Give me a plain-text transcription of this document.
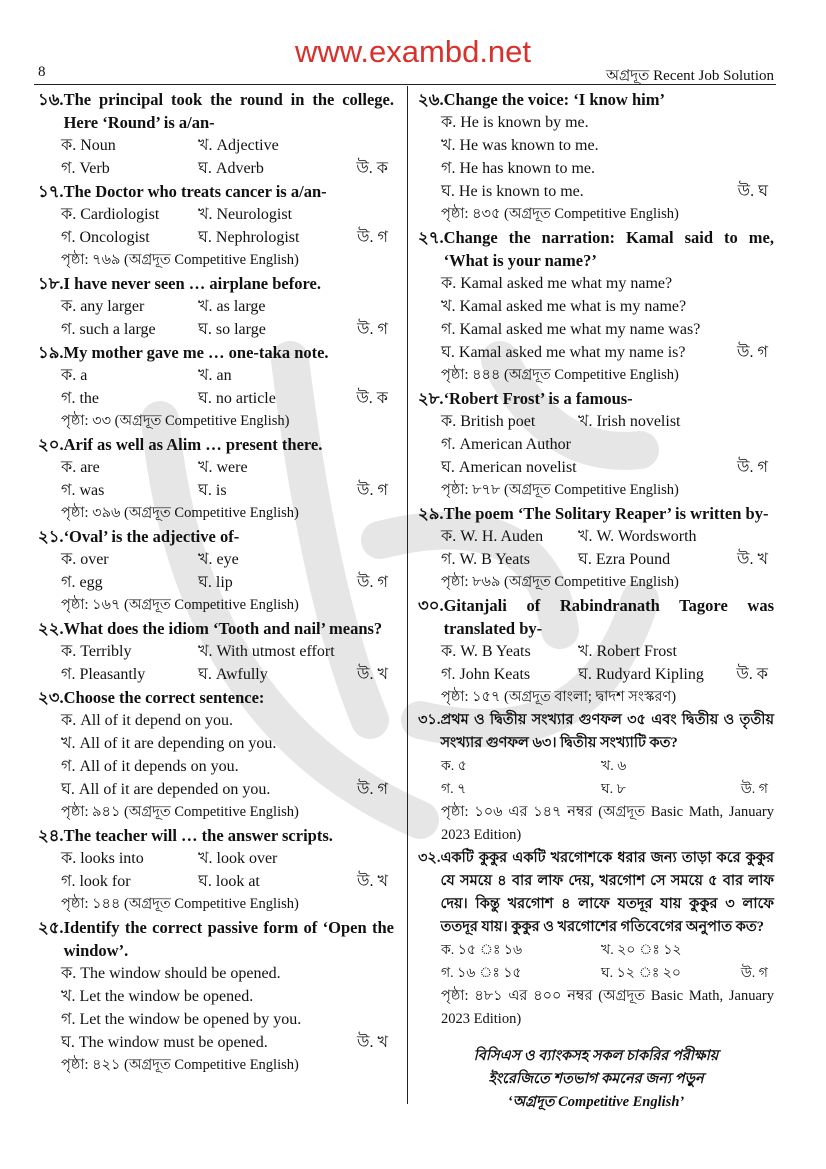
www.exambd.net
8	অগ্রদূত Recent Job Solution
১৬. The principal took the round in the college. Here ‘Round’ is a/an-
ক. Noun	খ. Adjective
গ. Verb	ঘ. Adverb	উ. ক
১৭. The Doctor who treats cancer is a/an-
ক. Cardiologist	খ. Neurologist
গ. Oncologist	ঘ. Nephrologist	উ. গ
পৃষ্ঠা: ৭৬৯ (অগ্রদূত Competitive English)
১৮. I have never seen … airplane before.
ক. any larger	খ. as large
গ. such a large	ঘ. so large	উ. গ
১৯. My mother gave me … one-taka note.
ক. a	খ. an
গ. the	ঘ. no article	উ. ক
পৃষ্ঠা: ৩৩ (অগ্রদূত Competitive English)
২০. Arif as well as Alim … present there.
ক. are	খ. were
গ. was	ঘ. is	উ. গ
পৃষ্ঠা: ৩৯৬ (অগ্রদূত Competitive English)
২১. ‘Oval’ is the adjective of-
ক. over	খ. eye
গ. egg	ঘ. lip	উ. গ
পৃষ্ঠা: ১৬৭ (অগ্রদূত Competitive English)
২২. What does the idiom ‘Tooth and nail’ means?
ক. Terribly	খ. With utmost effort
গ. Pleasantly	ঘ. Awfully	উ. খ
২৩. Choose the correct sentence:
ক. All of it depend on you.
খ. All of it are depending on you.
গ. All of it depends on you.
ঘ. All of it are depended on you.	উ. গ
পৃষ্ঠা: ৯৪১ (অগ্রদূত Competitive English)
২৪. The teacher will … the answer scripts.
ক. looks into	খ. look over
গ. look for	ঘ. look at	উ. খ
পৃষ্ঠা: ১৪৪ (অগ্রদূত Competitive English)
২৫. Identify the correct passive form of ‘Open the window’.
ক. The window should be opened.
খ. Let the window be opened.
গ. Let the window be opened by you.
ঘ. The window must be opened.	উ. খ
পৃষ্ঠা: ৪২১ (অগ্রদূত Competitive English)
২৬. Change the voice: ‘I know him’
ক. He is known by me.
খ. He was known to me.
গ. He has known to me.
ঘ. He is known to me.	উ. ঘ
পৃষ্ঠা: ৪৩৫ (অগ্রদূত Competitive English)
২৭. Change the narration: Kamal said to me, ‘What is your name?’
ক. Kamal asked me what my name?
খ. Kamal asked me what is my name?
গ. Kamal asked me what my name was?
ঘ. Kamal asked me what my name is?	উ. গ
পৃষ্ঠা: ৪৪৪ (অগ্রদূত Competitive English)
২৮. ‘Robert Frost’ is a famous-
ক. British poet	খ. Irish novelist
গ. American Author
ঘ. American novelist	উ. গ
পৃষ্ঠা: ৮৭৮ (অগ্রদূত Competitive English)
২৯. The poem ‘The Solitary Reaper’ is written by-
ক. W. H. Auden	খ. W. Wordsworth
গ. W. B Yeats	ঘ. Ezra Pound	উ. খ
পৃষ্ঠা: ৮৬৯ (অগ্রদূত Competitive English)
৩০. Gitanjali of Rabindranath Tagore was translated by-
ক. W. B Yeats	খ. Robert Frost
গ. John Keats	ঘ. Rudyard Kipling	উ. ক
পৃষ্ঠা: ১৫৭ (অগ্রদূত বাংলা; দ্বাদশ সংস্করণ)
৩১. প্রথম ও দ্বিতীয় সংখ্যার গুণফল ৩৫ এবং দ্বিতীয় ও তৃতীয় সংখ্যার গুণফল ৬৩। দ্বিতীয় সংখ্যাটি কত?
ক. ৫	খ. ৬
গ. ৭	ঘ. ৮	উ. গ
পৃষ্ঠা: ১০৬ এর ১৪৭ নম্বর (অগ্রদূত Basic Math, January 2023 Edition)
৩২. একটি কুকুর একটি খরগোশকে ধরার জন্য তাড়া করে কুকুর যে সময়ে ৪ বার লাফ দেয়, খরগোশ সে সময়ে ৫ বার লাফ দেয়। কিন্তু খরগোশ ৪ লাফে যতদূর যায় কুকুর ৩ লাফে ততদূর যায়। কুকুর ও খরগোশের গতিবেগের অনুপাত কত?
ক. ১৫ ঃ ১৬	খ. ২০ ঃ ১২
গ. ১৬ ঃ ১৫	ঘ. ১২ ঃ ২০	উ. গ
পৃষ্ঠা: ৪৮১ এর ৪০০ নম্বর (অগ্রদূত Basic Math, January 2023 Edition)
বিসিএস ও ব্যাংকসহ সকল চাকরির পরীক্ষায়
ইংরেজিতে শতভাগ কমনের জন্য পড়ুন
‘অগ্রদূত Competitive English’
